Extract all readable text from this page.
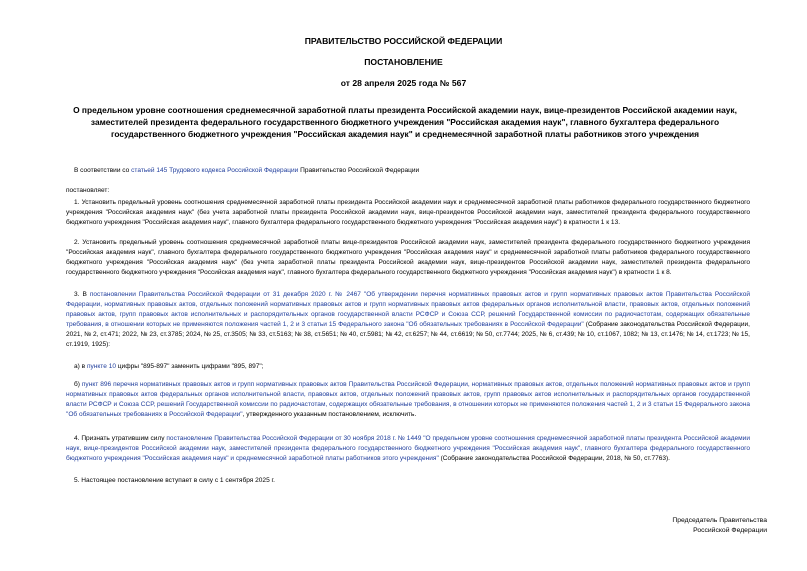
ПРАВИТЕЛЬСТВО РОССИЙСКОЙ ФЕДЕРАЦИИ
ПОСТАНОВЛЕНИЕ
от 28 апреля 2025 года № 567
О предельном уровне соотношения среднемесячной заработной платы президента Российской академии наук, вице-президентов Российской академии наук, заместителей президента федерального государственного бюджетного учреждения "Российская академия наук", главного бухгалтера федерального государственного бюджетного учреждения "Российская академия наук" и среднемесячной заработной платы работников этого учреждения
В соответствии со статьей 145 Трудового кодекса Российской Федерации Правительство Российской Федерации
постановляет:
1. Установить предельный уровень соотношения среднемесячной заработной платы президента Российской академии наук и среднемесячной заработной платы работников федерального государственного бюджетного учреждения "Российская академия наук" (без учета заработной платы президента Российской академии наук, вице-президентов Российской академии наук, заместителей президента федерального государственного бюджетного учреждения "Российская академия наук", главного бухгалтера федерального государственного бюджетного учреждения "Российская академия наук") в кратности 1 к 13.
2. Установить предельный уровень соотношения среднемесячной заработной платы вице-президентов Российской академии наук, заместителей президента федерального государственного бюджетного учреждения "Российская академия наук", главного бухгалтера федерального государственного бюджетного учреждения "Российская академия наук" и среднемесячной заработной платы работников федерального государственного бюджетного учреждения "Российская академия наук" (без учета заработной платы президента Российской академии наук, вице-президентов Российской академии наук, заместителей президента федерального государственного бюджетного учреждения "Российская академия наук", главного бухгалтера федерального государственного бюджетного учреждения "Российская академия наук") в кратности 1 к 8.
3. В постановлении Правительства Российской Федерации от 31 декабря 2020 г. № 2467 "Об утверждении перечня нормативных правовых актов и групп нормативных правовых актов Правительства Российской Федерации, нормативных правовых актов, отдельных положений нормативных правовых актов и групп нормативных правовых актов федеральных органов исполнительной власти, правовых актов, отдельных положений правовых актов, групп правовых актов исполнительных и распорядительных органов государственной власти РСФСР и Союза ССР, решений Государственной комиссии по радиочастотам, содержащих обязательные требования, в отношении которых не применяются положения частей 1, 2 и 3 статьи 15 Федерального закона "Об обязательных требованиях в Российской Федерации" (Собрание законодательства Российской Федерации, 2021, № 2, ст.471; 2022, № 23, ст.3785; 2024, № 25, ст.3505; № 33, ст.5163; № 38, ст.5651; № 40, ст.5981; № 42, ст.6257; № 44, ст.6619; № 50, ст.7744; 2025, № 6, ст.439; № 10, ст.1067, 1082; № 13, ст.1476; № 14, ст.1723; № 15, ст.1919, 1925):
а) в пункте 10 цифры "895-897" заменить цифрами "895, 897";
б) пункт 896 перечня нормативных правовых актов и групп нормативных правовых актов Правительства Российской Федерации, нормативных правовых актов, отдельных положений нормативных правовых актов и групп нормативных правовых актов федеральных органов исполнительной власти, правовых актов, отдельных положений правовых актов, групп правовых актов исполнительных и распорядительных органов государственной власти РСФСР и Союза ССР, решений Государственной комиссии по радиочастотам, содержащих обязательные требования, в отношении которых не применяются положения частей 1, 2 и 3 статьи 15 Федерального закона "Об обязательных требованиях в Российской Федерации", утвержденного указанным постановлением, исключить.
4. Признать утратившим силу постановление Правительства Российской Федерации от 30 ноября 2018 г. № 1449 "О предельном уровне соотношения среднемесячной заработной платы президента Российской академии наук, вице-президентов Российской академии наук, заместителей президента федерального государственного бюджетного учреждения "Российская академия наук", главного бухгалтера федерального государственного бюджетного учреждения "Российская академия наук" и среднемесячной заработной платы работников этого учреждения" (Собрание законодательства Российской Федерации, 2018, № 50, ст.7763).
5. Настоящее постановление вступает в силу с 1 сентября 2025 г.
Председатель Правительства
Российской Федерации
